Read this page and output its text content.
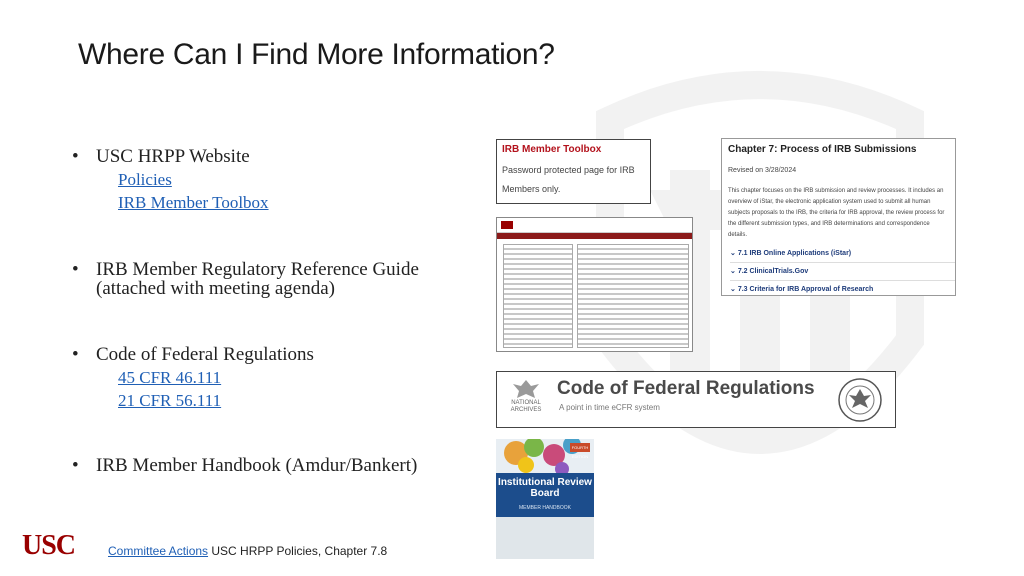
Where Can I Find More Information?
• USC HRPP Website
Policies
IRB Member Toolbox
• IRB Member Regulatory Reference Guide (attached with meeting agenda)
• Code of Federal Regulations
45 CFR 46.111
21 CFR 56.111
• IRB Member Handbook (Amdur/Bankert)
IRB Member Toolbox
Password protected page for IRB Members only.
Chapter 7: Process of IRB Submissions
Revised on 3/28/2024
This chapter focuses on the IRB submission and review processes. It includes an overview of iStar, the electronic application system used to submit all human subjects proposals to the IRB, the criteria for IRB approval, the review process for the different submission types, and IRB determinations and correspondence details.
⌄ 7.1 IRB Online Applications (iStar)
⌄ 7.2 ClinicalTrials.Gov
⌄ 7.3 Criteria for IRB Approval of Research
NATIONAL ARCHIVES
Code of Federal Regulations
A point in time eCFR system
FOURTH EDITION
Institutional Review Board
MEMBER HANDBOOK
USC	Committee Actions USC HRPP Policies, Chapter 7.8
